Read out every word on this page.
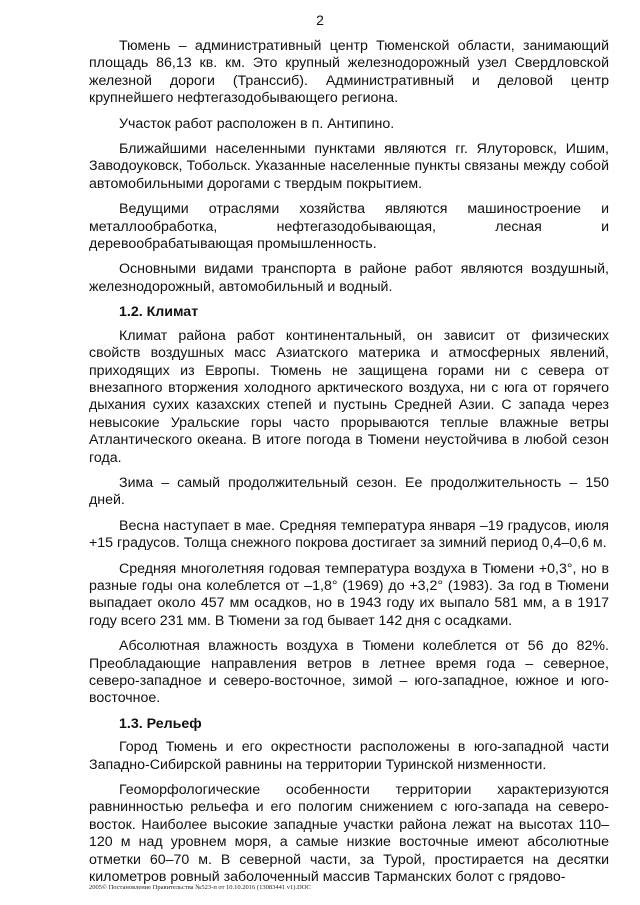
2

Тюмень – административный центр Тюменской области, занимающий площадь 86,13 кв. км. Это крупный железнодорожный узел Свердловской железной дороги (Транссиб). Административный и деловой центр крупнейшего нефтегазодобывающего региона.

Участок работ расположен в п. Антипино.

Ближайшими населенными пунктами являются гг. Ялуторовск, Ишим, Заводоуковск, Тобольск. Указанные населенные пункты связаны между собой автомобильными дорогами с твердым покрытием.

Ведущими отраслями хозяйства являются машиностроение и металлообработка, нефтегазодобывающая, лесная и деревообрабатывающая промышленность.

Основными видами транспорта в районе работ являются воздушный, железнодорожный, автомобильный и водный.

1.2. Климат

Климат района работ континентальный, он зависит от физических свойств воздушных масс Азиатского материка и атмосферных явлений, приходящих из Европы. Тюмень не защищена горами ни с севера от внезапного вторжения холодного арктического воздуха, ни с юга от горячего дыхания сухих казахских степей и пустынь Средней Азии. С запада через невысокие Уральские горы часто прорываются теплые влажные ветры Атлантического океана. В итоге погода в Тюмени неустойчива в любой сезон года.

Зима – самый продолжительный сезон. Ее продолжительность – 150 дней.

Весна наступает в мае. Средняя температура января –19 градусов, июля +15 градусов. Толща снежного покрова достигает за зимний период 0,4–0,6 м.

Средняя многолетняя годовая температура воздуха в Тюмени +0,3°, но в разные годы она колеблется от –1,8° (1969) до +3,2° (1983). За год в Тюмени выпадает около 457 мм осадков, но в 1943 году их выпало 581 мм, а в 1917 году всего 231 мм. В Тюмени за год бывает 142 дня с осадками.

Абсолютная влажность воздуха в Тюмени колеблется от 56 до 82%. Преобладающие направления ветров в летнее время года – северное, северо-западное и северо-восточное, зимой – юго-западное, южное и юго-восточное.

1.3. Рельеф

Город Тюмень и его окрестности расположены в юго-западной части Западно-Сибирской равнины на территории Туринской низменности.

Геоморфологические особенности территории характеризуются равнинностью рельефа и его пологим снижением с юго-запада на северо-восток. Наиболее высокие западные участки района лежат на высотах 110–120 м над уровнем моря, а самые низкие восточные имеют абсолютные отметки 60–70 м. В северной части, за Турой, простирается на десятки километров ровный заболоченный массив Тарманских болот с грядово-

2005© Постановление Правительства №523-п от 10.10.2016 (13083441 v1).DOC
